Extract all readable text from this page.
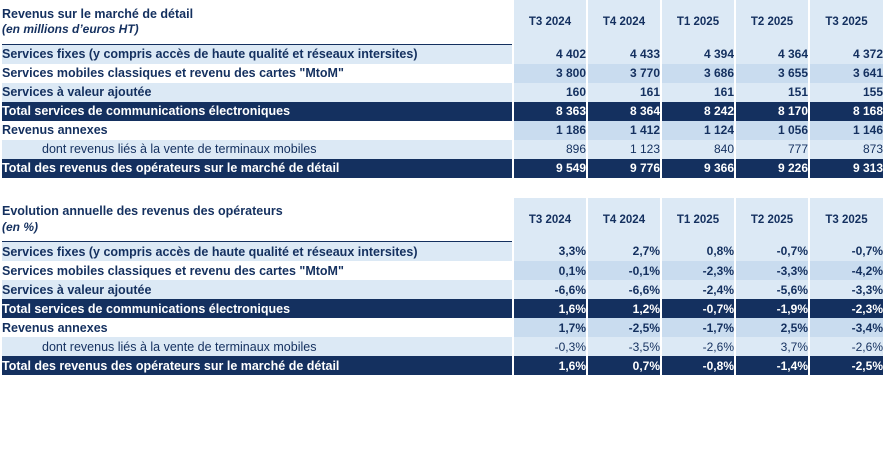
Revenus sur le marché de détail
(en millions d’euros HT)	T3 2024	T4 2024	T1 2025	T2 2025	T3 2025
Services fixes (y compris accès de haute qualité et réseaux intersites)	4 402	4 433	4 394	4 364	4 372
Services mobiles classiques et revenu des cartes "MtoM"	3 800	3 770	3 686	3 655	3 641
Services à valeur ajoutée	160	161	161	151	155
Total services de communications électroniques	8 363	8 364	8 242	8 170	8 168
Revenus annexes	1 186	1 412	1 124	1 056	1 146
dont revenus liés à la vente de terminaux mobiles	896	1 123	840	777	873
Total des revenus des opérateurs sur le marché de détail	9 549	9 776	9 366	9 226	9 313
Evolution annuelle des revenus des opérateurs
(en %)	T3 2024	T4 2024	T1 2025	T2 2025	T3 2025
Services fixes (y compris accès de haute qualité et réseaux intersites)	3,3%	2,7%	0,8%	-0,7%	-0,7%
Services mobiles classiques et revenu des cartes "MtoM"	0,1%	-0,1%	-2,3%	-3,3%	-4,2%
Services à valeur ajoutée	-6,6%	-6,6%	-2,4%	-5,6%	-3,3%
Total services de communications électroniques	1,6%	1,2%	-0,7%	-1,9%	-2,3%
Revenus annexes	1,7%	-2,5%	-1,7%	2,5%	-3,4%
dont revenus liés à la vente de terminaux mobiles	-0,3%	-3,5%	-2,6%	3,7%	-2,6%
Total des revenus des opérateurs sur le marché de détail	1,6%	0,7%	-0,8%	-1,4%	-2,5%
